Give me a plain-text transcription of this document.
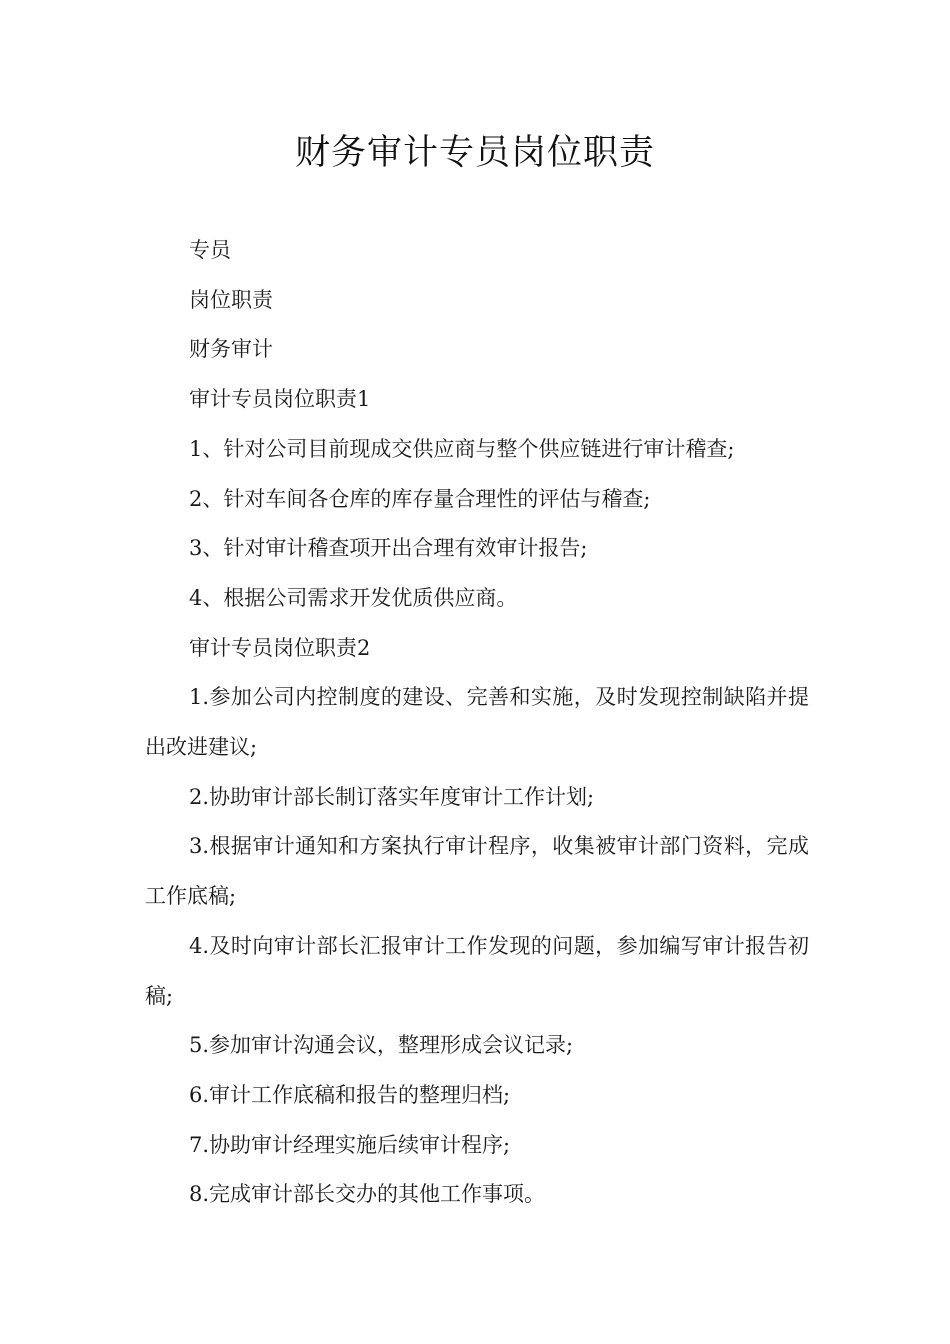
财务审计专员岗位职责

专员

岗位职责

财务审计

审计专员岗位职责1

1、针对公司目前现成交供应商与整个供应链进行审计稽查;

2、针对车间各仓库的库存量合理性的评估与稽查;

3、针对审计稽查项开出合理有效审计报告;

4、根据公司需求开发优质供应商。

审计专员岗位职责2

1.参加公司内控制度的建设、完善和实施，及时发现控制缺陷并提出改进建议;

2.协助审计部长制订落实年度审计工作计划;

3.根据审计通知和方案执行审计程序，收集被审计部门资料，完成工作底稿;

4.及时向审计部长汇报审计工作发现的问题，参加编写审计报告初稿;

5.参加审计沟通会议，整理形成会议记录;

6.审计工作底稿和报告的整理归档;

7.协助审计经理实施后续审计程序;

8.完成审计部长交办的其他工作事项。
